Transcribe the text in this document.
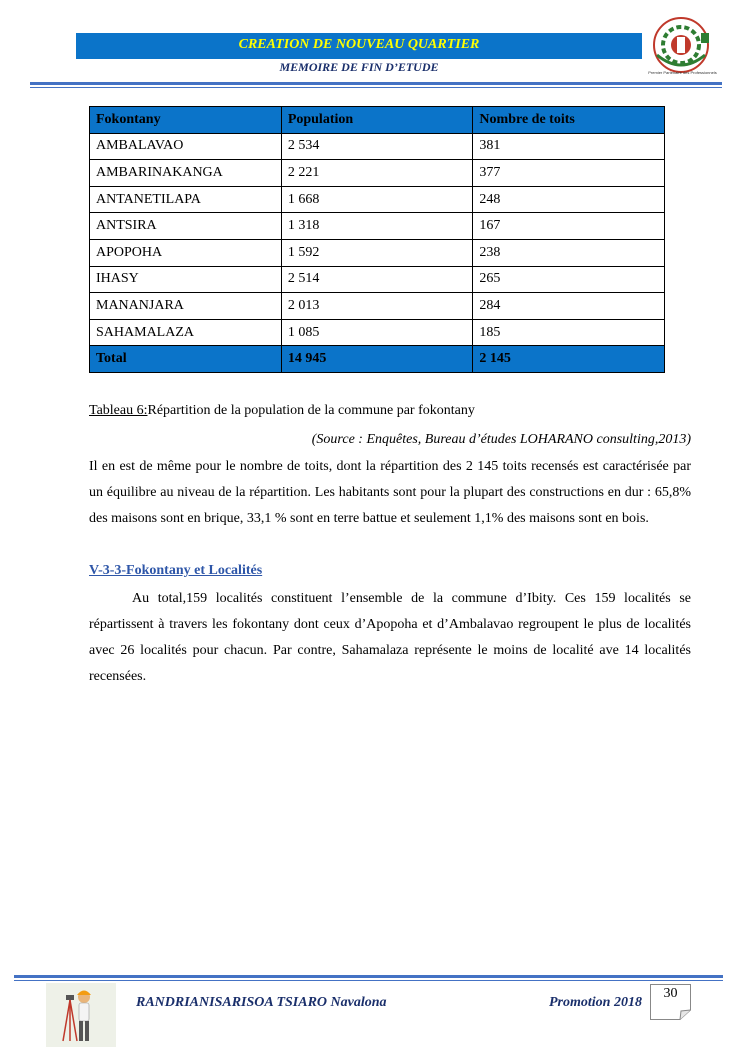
CREATION DE NOUVEAU QUARTIER
MEMOIRE DE FIN D’ETUDE	Premier Partenaire des Professionnels
Fokontany	Population	Nombre de toits
AMBALAVAO	2 534	381
AMBARINAKANGA	2 221	377
ANTANETILAPA	1 668	248
ANTSIRA	1 318	167
APOPOHA	1 592	238
IHASY	2 514	265
MANANJARA	2 013	284
SAHAMALAZA	1 085	185
Total	14 945	2 145
Tableau 6:Répartition de la population de la commune par fokontany
(Source : Enquêtes, Bureau d’études LOHARANO consulting,2013)
Il en est de même pour le nombre de toits, dont la répartition des 2 145 toits recensés est caractérisée par un équilibre au niveau de la répartition. Les habitants sont pour la plupart des constructions en dur : 65,8% des maisons sont en brique, 33,1 % sont en terre battue et seulement 1,1% des maisons sont en bois.
V-3-3-Fokontany et Localités
Au total,159 localités constituent l’ensemble de la commune d’Ibity. Ces 159 localités se répartissent à travers les fokontany dont ceux d’Apopoha et d’Ambalavao regroupent le plus de localités avec 26 localités pour chacun. Par contre, Sahamalaza représente le moins de localité ave 14 localités recensées.
RANDRIANISARISOA TSIARO Navalona	Promotion 2018
30
